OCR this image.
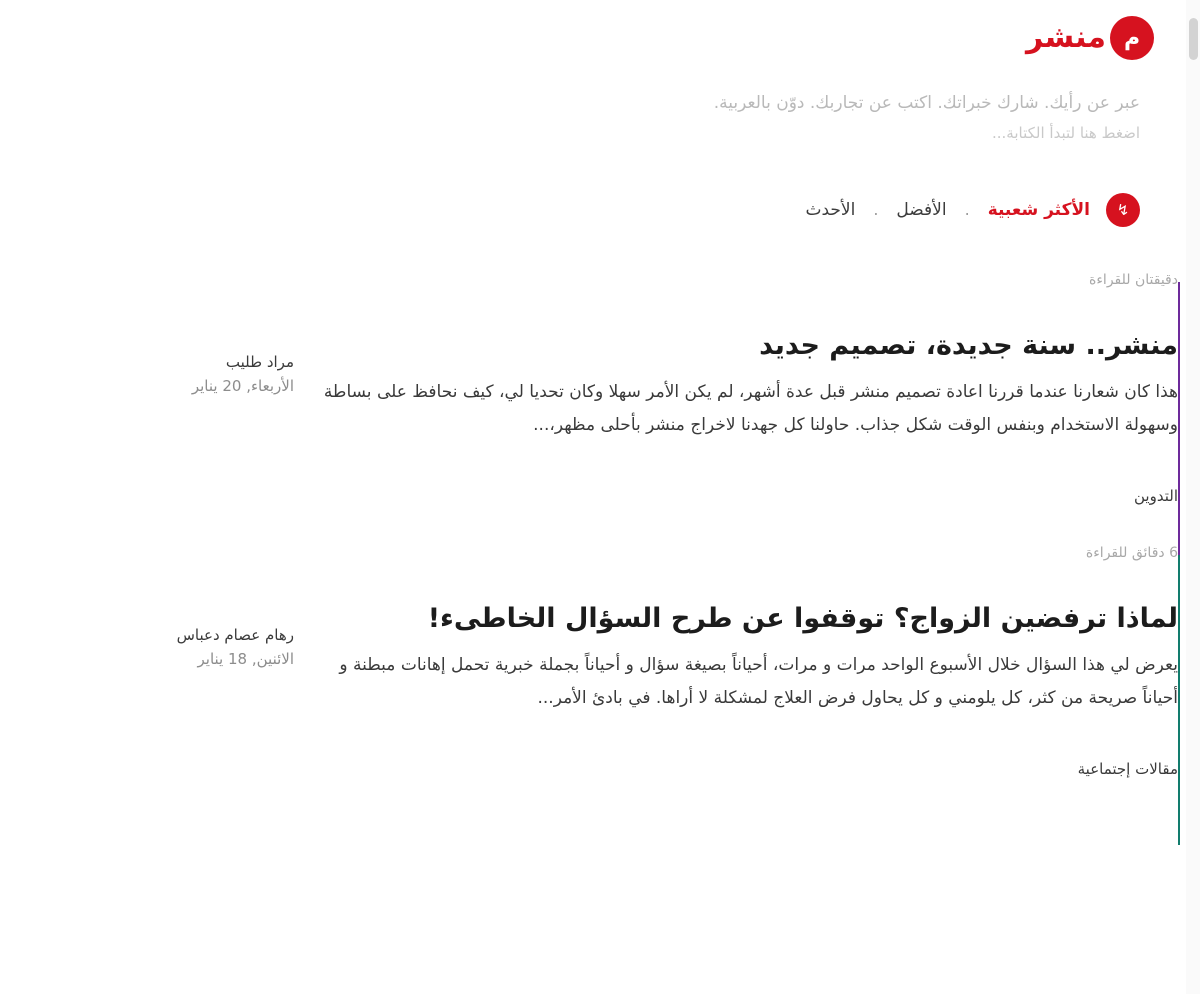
م
منشر
عبر عن رأيك. شارك خبراتك. اكتب عن تجاربك. دوّن بالعربية.
اضغط هنا لتبدأ الكتابة...
↯
الأكثر شعبية
.
الأفضل
.
الأحدث
دقيقتان للقراءة
منشر.. سنة جديدة، تصميم جديد

هذا كان شعارنا عندما قررنا اعادة تصميم منشر قبل عدة أشهر، لم يكن الأمر سهلا وكان تحديا لي، كيف نحافظ على بساطة وسهولة الاستخدام وبنفس الوقت شكل جذاب. حاولنا كل جهدنا لاخراج منشر بأحلى مظهر،...

التدوين
مراد طليب
الأربعاء, 20 يناير
6 دقائق للقراءة
لماذا ترفضين الزواج؟ توقفوا عن طرح السؤال الخاطىء!

يعرض لي هذا السؤال خلال الأسبوع الواحد مرات و مرات، أحياناً بصيغة سؤال و أحياناً بجملة خبرية تحمل إهانات مبطنة و أحياناً صريحة من كثر، كل يلومني و كل يحاول فرض العلاج لمشكلة لا أراها. في بادئ الأمر...

مقالات إجتماعية
رهام عصام دعباس
الائنين, 18 يناير
